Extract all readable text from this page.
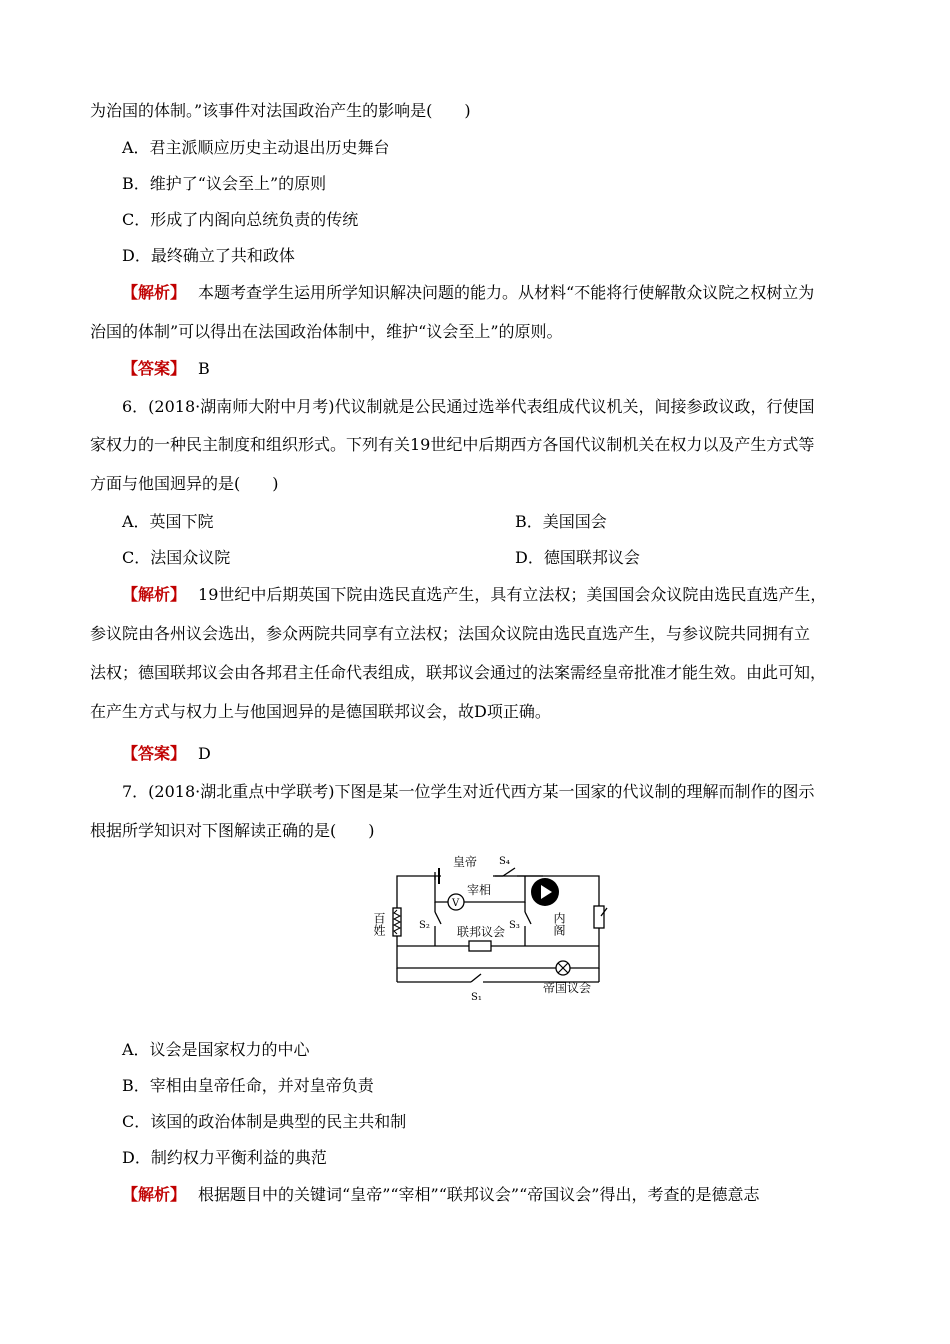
为治国的体制。”该事件对法国政治产生的影响是(　　)
A．君主派顺应历史主动退出历史舞台
B．维护了“议会至上”的原则
C．形成了内阁向总统负责的传统
D．最终确立了共和政体
【解析】 本题考查学生运用所学知识解决问题的能力。从材料“不能将行使解散众议院之权树立为
治国的体制”可以得出在法国政治体制中，维护“议会至上”的原则。
【答案】 B
6．(2018·湖南师大附中月考)代议制就是公民通过选举代表组成代议机关，间接参政议政，行使国
家权力的一种民主制度和组织形式。下列有关19世纪中后期西方各国代议制机关在权力以及产生方式等
方面与他国迥异的是(　　)
A．英国下院	B．美国国会
C．法国众议院	D．德国联邦议会
【解析】 19世纪中后期英国下院由选民直选产生，具有立法权；美国国会众议院由选民直选产生，
参议院由各州议会选出，参众两院共同享有立法权；法国众议院由选民直选产生，与参议院共同拥有立
法权；德国联邦议会由各邦君主任命代表组成，联邦议会通过的法案需经皇帝批准才能生效。由此可知，
在产生方式与权力上与他国迥异的是德国联邦议会，故D项正确。
【答案】 D
7．(2018·湖北重点中学联考)下图是某一位学生对近代西方某一国家的代议制的理解而制作的图示
根据所学知识对下图解读正确的是(　　)
皇帝 S₄
宰相
V
百姓	S₂	S₃	内阁
联邦议会
S₁
帝国议会
A．议会是国家权力的中心
B．宰相由皇帝任命，并对皇帝负责
C．该国的政治体制是典型的民主共和制
D．制约权力平衡利益的典范
【解析】 根据题目中的关键词“皇帝”“宰相”“联邦议会”“帝国议会”得出，考查的是德意志
